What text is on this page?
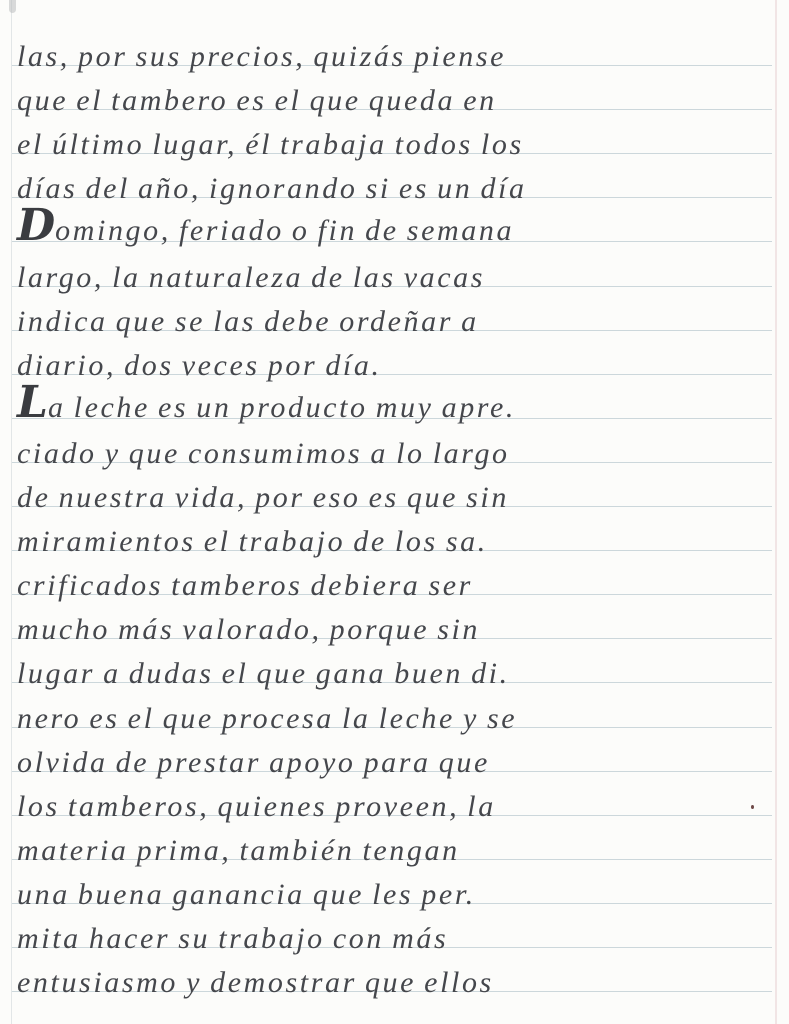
las, por sus precios, quizás piense
que el tambero es el que queda en
el último lugar, él trabaja todos los
días del año, ignorando si es un día
Domingo, feriado o fin de semana
largo, la naturaleza de las vacas
indica que se las debe ordeñar a
diario, dos veces por día.
La leche es un producto muy apre.
ciado y que consumimos a lo largo
de nuestra vida, por eso es que sin
miramientos el trabajo de los sa.
crificados tamberos debiera ser
mucho más valorado, porque sin
lugar a dudas el que gana buen di.
nero es el que procesa la leche y se
olvida de prestar apoyo para que
los tamberos, quienes proveen, la
materia prima, también tengan
una buena ganancia que les per.
mita hacer su trabajo con más
entusiasmo y demostrar que ellos
